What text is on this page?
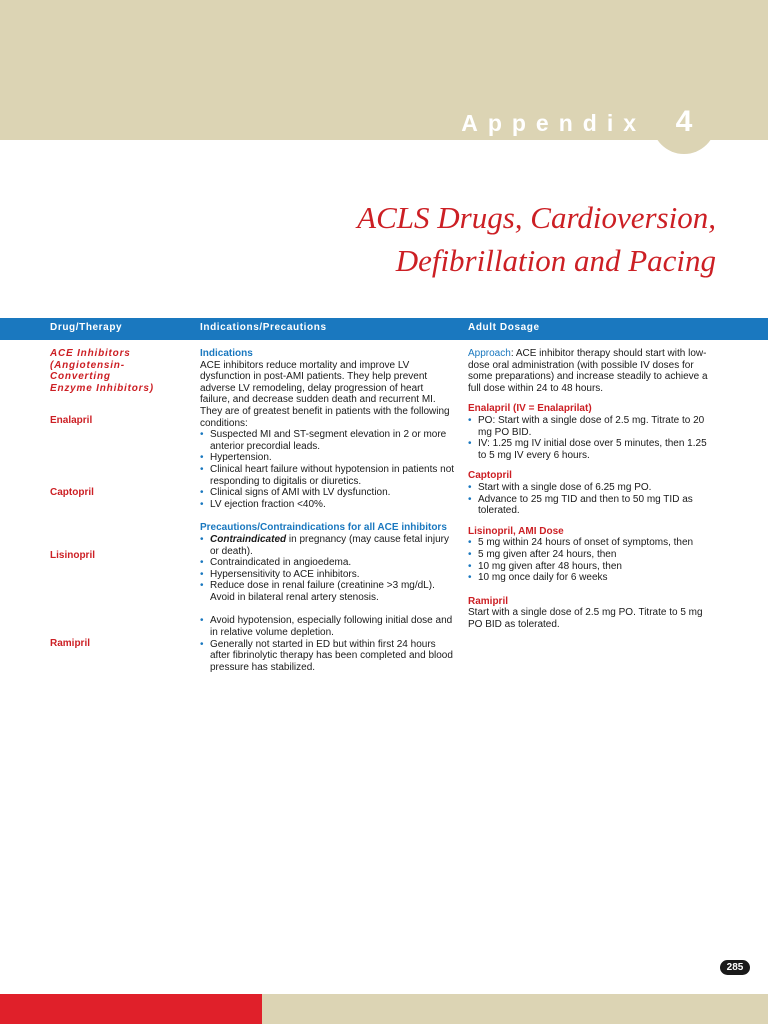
Appendix 4
ACLS Drugs, Cardioversion,
Defibrillation and Pacing
Drug/Therapy	Indications/Precautions	Adult Dosage
ACE Inhibitors
(Angiotensin-
Converting
Enzyme Inhibitors)
Enalapril
Captopril
Lisinopril
Ramipril
Indications

ACE inhibitors reduce mortality and improve LV dysfunction in post-AMI patients. They help prevent adverse LV remodeling, delay progression of heart failure, and decrease sudden death and recurrent MI. They are of greatest benefit in patients with the following conditions:

• Suspected MI and ST-segment elevation in 2 or more anterior precordial leads.
• Hypertension.
• Clinical heart failure without hypotension in patients not responding to digitalis or diuretics.
• Clinical signs of AMI with LV dysfunction.
• LV ejection fraction <40%.
Precautions/Contraindications for all ACE inhibitors
• Contraindicated in pregnancy (may cause fetal injury or death).
• Contraindicated in angioedema.
• Hypersensitivity to ACE inhibitors.
• Reduce dose in renal failure (creatinine >3 mg/dL). Avoid in bilateral renal artery stenosis.
• Avoid hypotension, especially following initial dose and in relative volume depletion.
• Generally not started in ED but within first 24 hours after fibrinolytic therapy has been completed and blood pressure has stabilized.

Approach: ACE inhibitor therapy should start with low-dose oral administration (with possible IV doses for some preparations) and increase steadily to achieve a full dose within 24 to 48 hours.

Enalapril (IV = Enalaprilat)
• PO: Start with a single dose of 2.5 mg. Titrate to 20 mg PO BID.
• IV: 1.25 mg IV initial dose over 5 minutes, then 1.25 to 5 mg IV every 6 hours.
Captopril
• Start with a single dose of 6.25 mg PO.
• Advance to 25 mg TID and then to 50 mg TID as tolerated.
Lisinopril, AMI Dose
• 5 mg within 24 hours of onset of symptoms, then
• 5 mg given after 24 hours, then
• 10 mg given after 48 hours, then
• 10 mg once daily for 6 weeks
Ramipril

Start with a single dose of 2.5 mg PO. Titrate to 5 mg PO BID as tolerated.

285
